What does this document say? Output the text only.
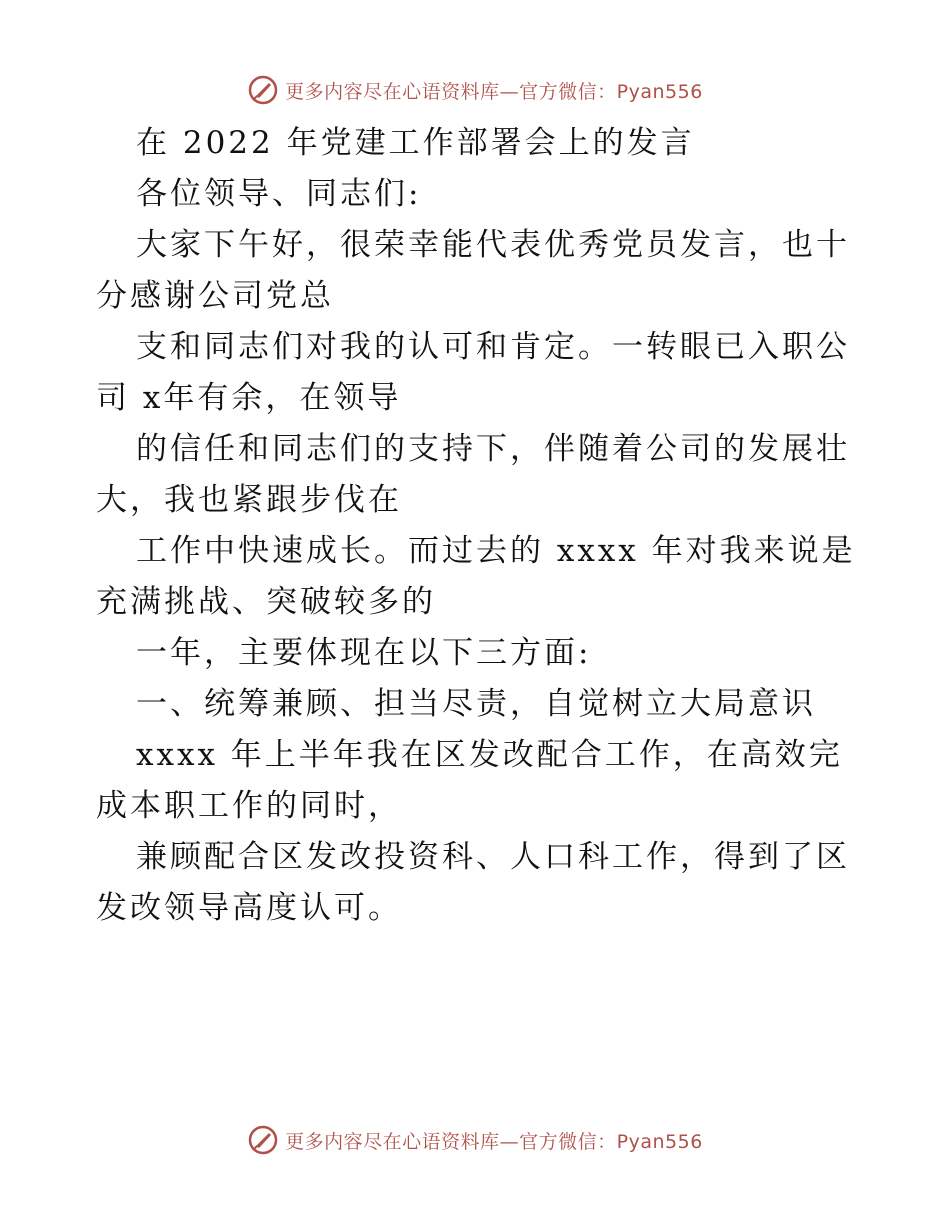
更多内容尽在心语资料库—官方微信：Pyan556
在 2022 年党建工作部署会上的发言
各位领导、同志们:
大家下午好，很荣幸能代表优秀党员发言，也十
分感谢公司党总
支和同志们对我的认可和肯定。一转眼已入职公
司 x年有余，在领导
的信任和同志们的支持下，伴随着公司的发展壮
大，我也紧跟步伐在
工作中快速成长。而过去的 xxxx 年对我来说是
充满挑战、突破较多的
一年，主要体现在以下三方面:
一、统筹兼顾、担当尽责，自觉树立大局意识
xxxx 年上半年我在区发改配合工作，在高效完
成本职工作的同时，
兼顾配合区发改投资科、人口科工作，得到了区
发改领导高度认可。
更多内容尽在心语资料库—官方微信：Pyan556
